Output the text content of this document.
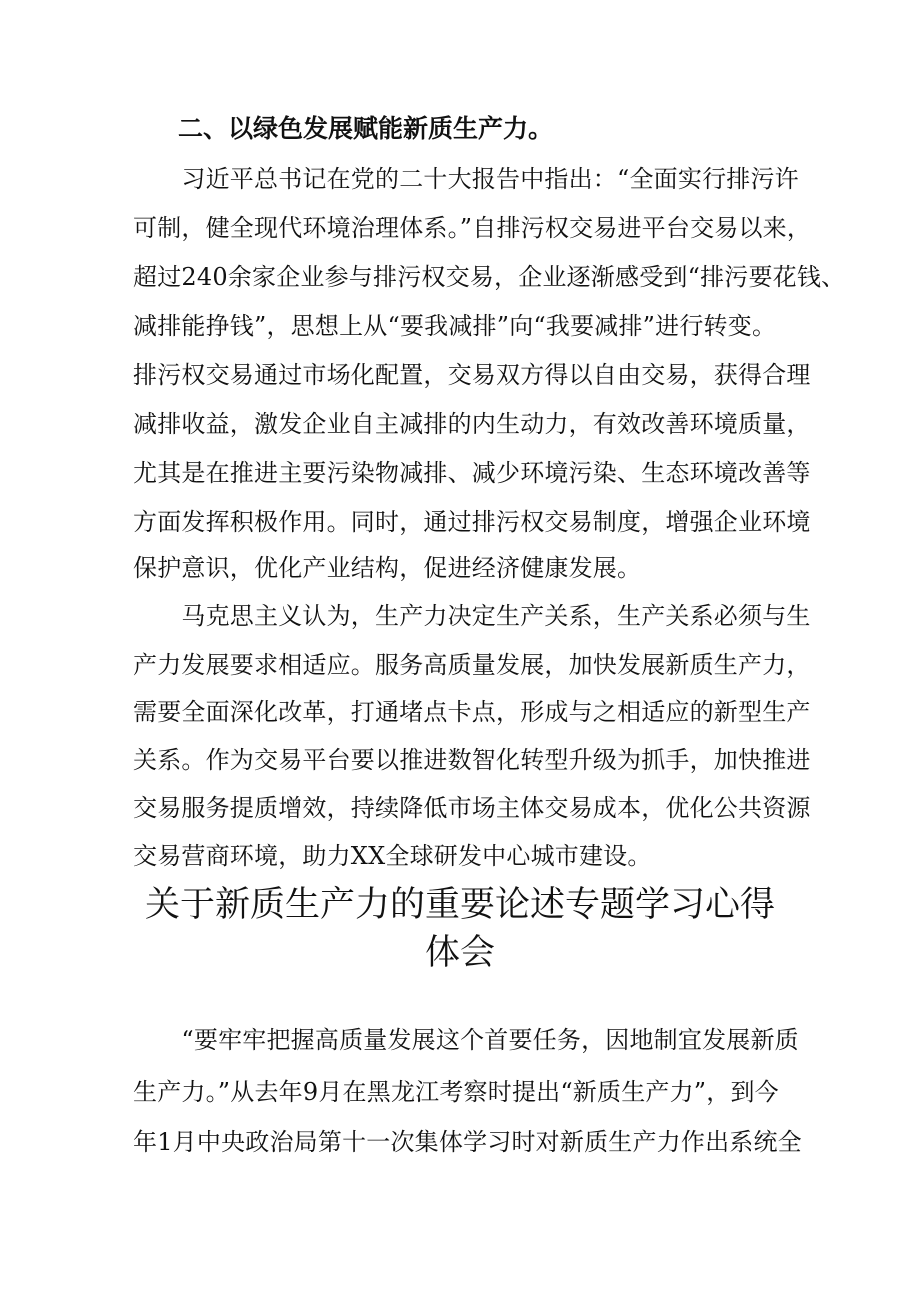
二、以绿色发展赋能新质生产力。
　　习近平总书记在党的二十大报告中指出：“全面实行排污许
可制，健全现代环境治理体系。”自排污权交易进平台交易以来，
超过240余家企业参与排污权交易，企业逐渐感受到“排污要花钱、
减排能挣钱”，思想上从“要我减排”向“我要减排”进行转变。
排污权交易通过市场化配置，交易双方得以自由交易，获得合理
减排收益，激发企业自主减排的内生动力，有效改善环境质量，
尤其是在推进主要污染物减排、减少环境污染、生态环境改善等
方面发挥积极作用。同时，通过排污权交易制度，增强企业环境
保护意识，优化产业结构，促进经济健康发展。
　　马克思主义认为，生产力决定生产关系，生产关系必须与生
产力发展要求相适应。服务高质量发展，加快发展新质生产力，
需要全面深化改革，打通堵点卡点，形成与之相适应的新型生产
关系。作为交易平台要以推进数智化转型升级为抓手，加快推进
交易服务提质增效，持续降低市场主体交易成本，优化公共资源
交易营商环境，助力XX全球研发中心城市建设。
关于新质生产力的重要论述专题学习心得
体会
　　“要牢牢把握高质量发展这个首要任务，因地制宜发展新质
生产力。”从去年9月在黑龙江考察时提出“新质生产力”，到今
年1月中央政治局第十一次集体学习时对新质生产力作出系统全
